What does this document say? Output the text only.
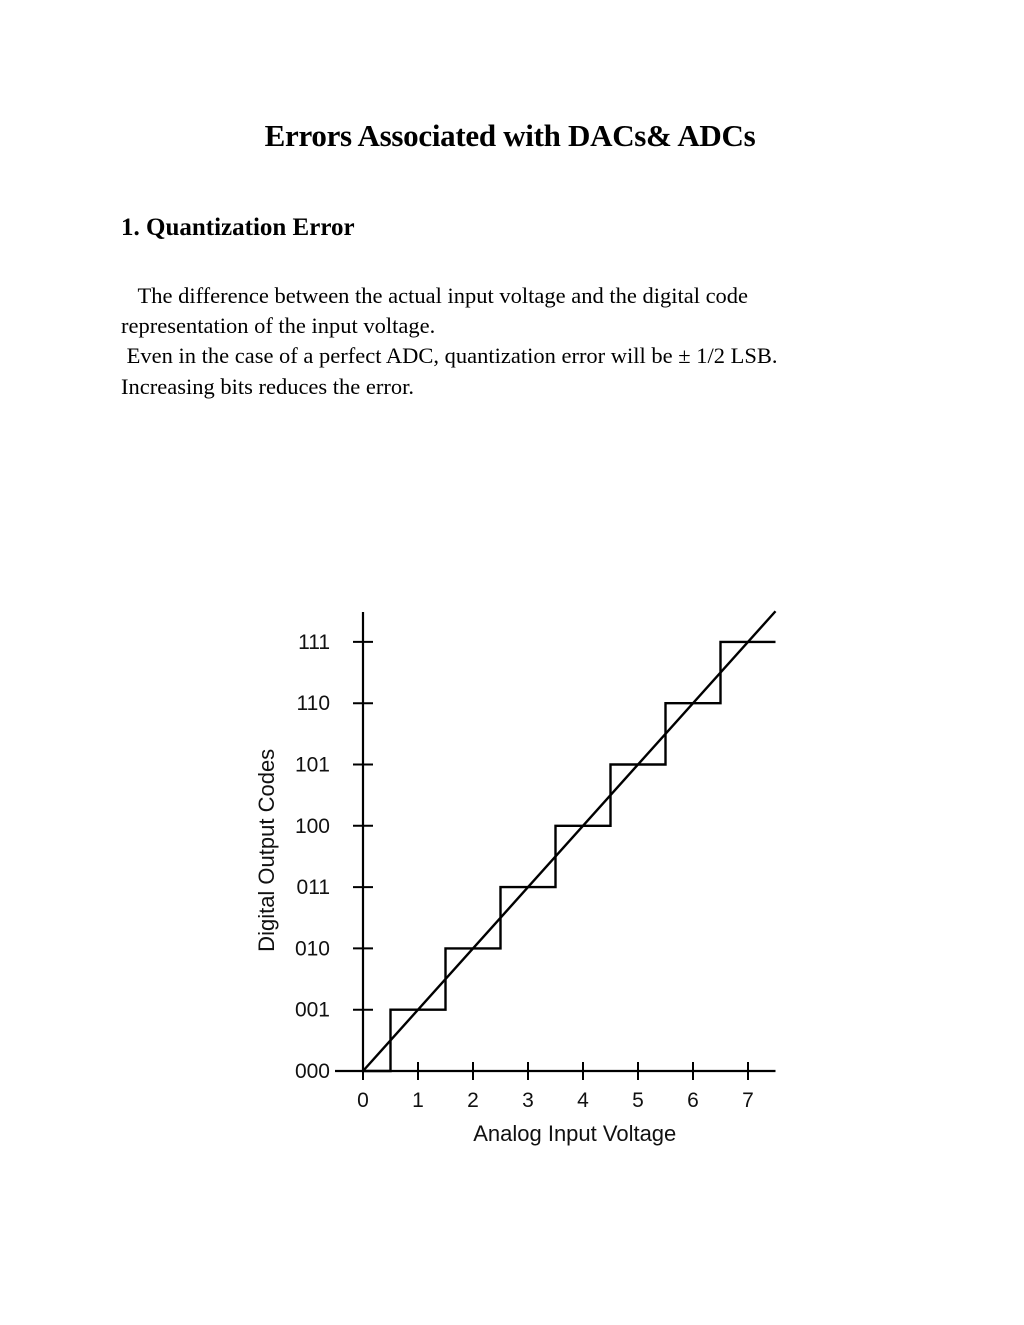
Errors Associated with DACs& ADCs
1. Quantization Error

The difference between the actual input voltage and the digital code

representation of the input voltage.

Even in the case of a perfect ADC, quantization error will be ± 1/2 LSB.

Increasing bits reduces the error.

0 1 2 3 4 5 6 7
000
001
010
011
100
101
110
111
Analog Input Voltage
Digital Output Codes
